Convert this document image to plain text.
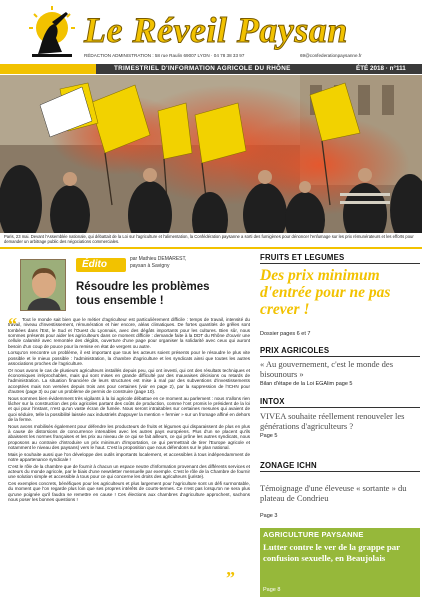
Le Réveil Paysan
RÉDACTION ADMINISTRATION : 58 rue Raulin 69007 LYON · 04 78 38 33 97	69@confederationpaysanne.fr
TRIMESTRIEL D'INFORMATION AGRICOLE DU RHÔNE	ÉTÉ 2018 · n°111
Paris, 23 mai. Devant l'Assemblée nationale, qui débattait de la Loi sur l'agriculture et l'alimentation, la Confédération paysanne a sorti des fumigènes pour dénoncer l'enfumage sur les prix rémunérateurs et les efforts pour demander un arbitrage public des négociations commerciales.
Édito	par Mathieu DEMAREST,
paysan à Savigny
Résoudre les problèmes tous ensemble !
“	Tout le monde sait bien que le métier d'agriculteur est particulièrement difficile : temps de travail, intensité du travail, niveau d'investissement, rémunération et hier encore, aléas climatiques. De fortes quantités de grêles sont tombées dans l'Est, le Sud et l'Ouest du Lyonnais, avec des dégâts importants pour les cultures. Bien sûr, nous sommes présents pour aider les agriculteurs dans ce moment difficile : demande faite à la DDT du Rhône d'ouvrir une cellule calamité avec remontée des dégâts, ouverture d'une page pour organiser la solidarité avec ceux qui auront besoin d'un coup de pouce pour la remise en état de vergers ou autre.

Lorsqu'on rencontre un problème, il est important que tous les acteurs soient présents pour le résoudre le plus vite possible et le mieux possible : l'administration, la chambre d'agriculture et les syndicats ainsi que toutes les autres associations proches de l'agriculture.

Or nous avons le cas de plusieurs agriculteurs installés depuis peu, qui ont investi, qui ont des résultats techniques et économiques irréprochables, mais qui sont mises en grande difficulté par des mauvaises décisions ou retards de l'administration. La situation financière de leurs structures est mise à mal par des subventions d'investissements acceptées mais non versées depuis trois ans pour certaines (voir en page 2), par la suppression de l'ICHN pour d'autres (page 3) ou par un problème de permis de construire (page 10).

Nous sommes bien évidemment très vigilants à la loi agricole débattue en ce moment au parlement : nous n'allons rien lâcher sur la construction des prix agricoles partant des coûts de production, comme l'ont promis le président de la loi et qui pour l'instant, n'est qu'un vaste écran de fumée. Nous seront intraitables sur certaines mesures qui avaient de quoi séduire, telle la possibilité laissée aux industriels d'appuyer la mention « fermier » sur un fromage affiné en dehors de la ferme.

Nous avons mobilisés également pour défendre les producteurs de fruits et légumes qui disparaissent de plus en plus à cause de distorsions de concurrence intenables avec les autres pays européens. Plus d'un se placent qu'ils abaissent les normes françaises et les prix au niveau de ce qui se fait ailleurs, ce qui prône les autres syndicats, nous proposons au contraire d'introduire un prix minimum d'importation, ce qui permettrait de tirer l'Europe agricole et notamment le niveau des paysans) vers le haut. C'est la proposition que nous défendons sur le plan national.

Mais je souhaite aussi que l'on développe des outils importants localement, et accessibles à tous indépendamment de notre appartenance syndicale !

C'est le rôle de la chambre que de fournir à chacun un espace neutre d'information provenant des différents services et acteurs du monde agricole, par le biais d'une newsletter mensuelle par exemple. C'est le rôle de la Chambre de fournir une solution simple et accessible à tous pour ce qui concerne les droits des agriculteurs (juriste).

Ces exemples concrets, bénéfiques pour les agriculteurs et plus largement pour l'agriculture sont un défi surmontable, du moment que l'on regarde plus loin que ses propres intérêts de courts-termes. Ce n'est pas lorsqu'on ne sera plus qu'une poignée qu'il faudra se remettre en cause ! Ces élections aux chambres d'agriculture approchent, sachons nous poser les bonnes questions !

”
FRUITS ET LEGUMES
Des prix minimum d'entrée pour ne pas crever !
Dossier pages 6 et 7
PRIX AGRICOLES
« Au gouvernement, c'est le monde des bisounours »
Bilan d'étape de la Loi EGAlim page 5
INTOX
VIVEA souhaite réellement renouveler les générations d'agriculteurs ?
Page 5
ZONAGE ICHN
Témoignage d'une éleveuse « sortante » du plateau de Condrieu
Page 3
AGRICULTURE PAYSANNE
Lutter contre le ver de la grappe par confusion sexuelle, en Beaujolais
Page 8
